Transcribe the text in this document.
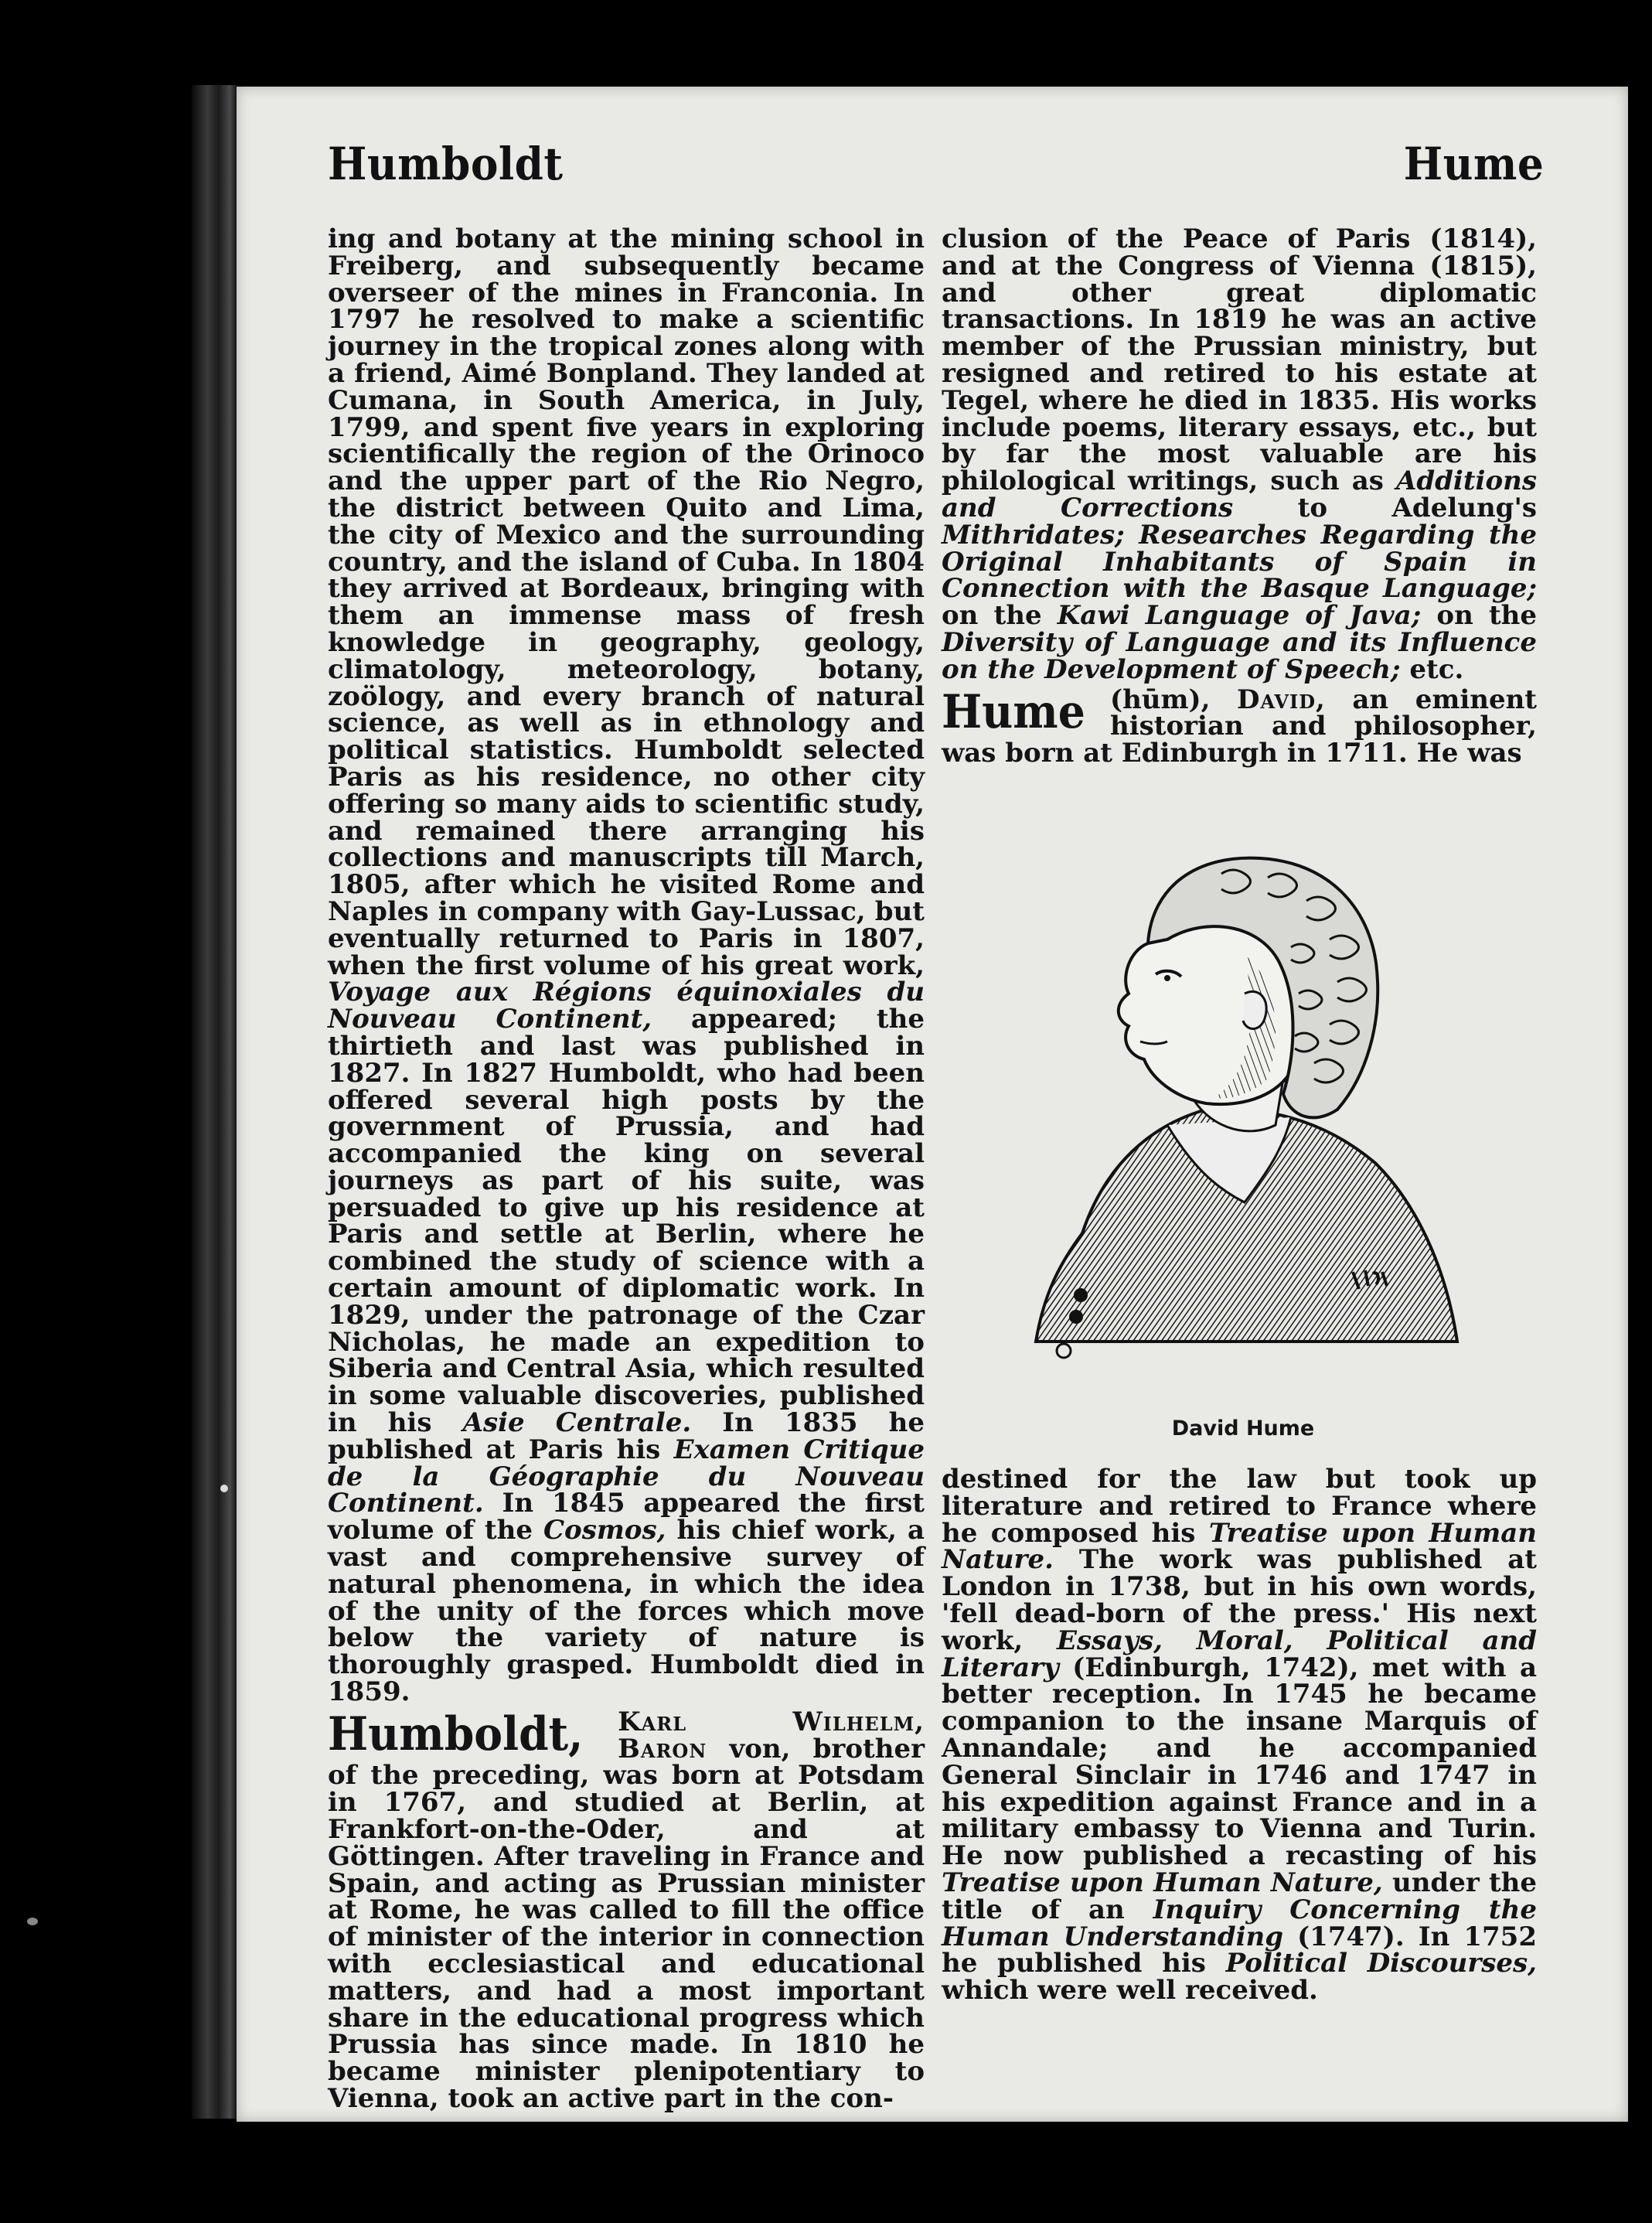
Humboldt	Hume

ing and botany at the mining school in Freiberg, and subsequently became overseer of the mines in Franconia. In 1797 he resolved to make a scientific journey in the tropical zones along with a friend, Aimé Bonpland. They landed at Cumana, in South America, in July, 1799, and spent five years in exploring scientifically the region of the Orinoco and the upper part of the Rio Negro, the district between Quito and Lima, the city of Mexico and the surrounding country, and the island of Cuba. In 1804 they arrived at Bordeaux, bringing with them an immense mass of fresh knowledge in geography, geology, climatology, meteorology, botany, zoölogy, and every branch of natural science, as well as in ethnology and political statistics. Humboldt selected Paris as his residence, no other city offering so many aids to scientific study, and remained there arranging his collections and manuscripts till March, 1805, after which he visited Rome and Naples in company with Gay-Lussac, but eventually returned to Paris in 1807, when the first volume of his great work, Voyage aux Régions équinoxiales du Nouveau Continent, appeared; the thirtieth and last was published in 1827. In 1827 Humboldt, who had been offered several high posts by the government of Prussia, and had accompanied the king on several journeys as part of his suite, was persuaded to give up his residence at Paris and settle at Berlin, where he combined the study of science with a certain amount of diplomatic work. In 1829, under the patronage of the Czar Nicholas, he made an expedition to Siberia and Central Asia, which resulted in some valuable discoveries, published in his Asie Centrale. In 1835 he published at Paris his Examen Critique de la Géographie du Nouveau Continent. In 1845 appeared the first volume of the Cosmos, his chief work, a vast and comprehensive survey of natural phenomena, in which the idea of the unity of the forces which move below the variety of nature is thoroughly grasped. Humboldt died in 1859.

Humboldt, Karl Wilhelm, Baron von, brother of the preceding, was born at Potsdam in 1767, and studied at Berlin, at Frankfort-on-the-Oder, and at Göttingen. After traveling in France and Spain, and acting as Prussian minister at Rome, he was called to fill the office of minister of the interior in connection with ecclesiastical and educational matters, and had a most important share in the educational progress which Prussia has since made. In 1810 he became minister plenipotentiary to Vienna, took an active part in the con-

clusion of the Peace of Paris (1814), and at the Congress of Vienna (1815), and other great diplomatic transactions. In 1819 he was an active member of the Prussian ministry, but resigned and retired to his estate at Tegel, where he died in 1835. His works include poems, literary essays, etc., but by far the most valuable are his philological writings, such as Additions and Corrections to Adelung's Mithridates; Researches Regarding the Original Inhabitants of Spain in Connection with the Basque Language; on the Kawi Language of Java; on the Diversity of Language and its Influence on the Development of Speech; etc.

Hume (hūm), David, an eminent historian and philosopher, was born at Edinburgh in 1711. He was

David Hume

destined for the law but took up literature and retired to France where he composed his Treatise upon Human Nature. The work was published at London in 1738, but in his own words, 'fell dead-born of the press.' His next work, Essays, Moral, Political and Literary (Edinburgh, 1742), met with a better reception. In 1745 he became companion to the insane Marquis of Annandale; and he accompanied General Sinclair in 1746 and 1747 in his expedition against France and in a military embassy to Vienna and Turin. He now published a recasting of his Treatise upon Human Nature, under the title of an Inquiry Concerning the Human Understanding (1747). In 1752 he published his Political Discourses, which were well received.
